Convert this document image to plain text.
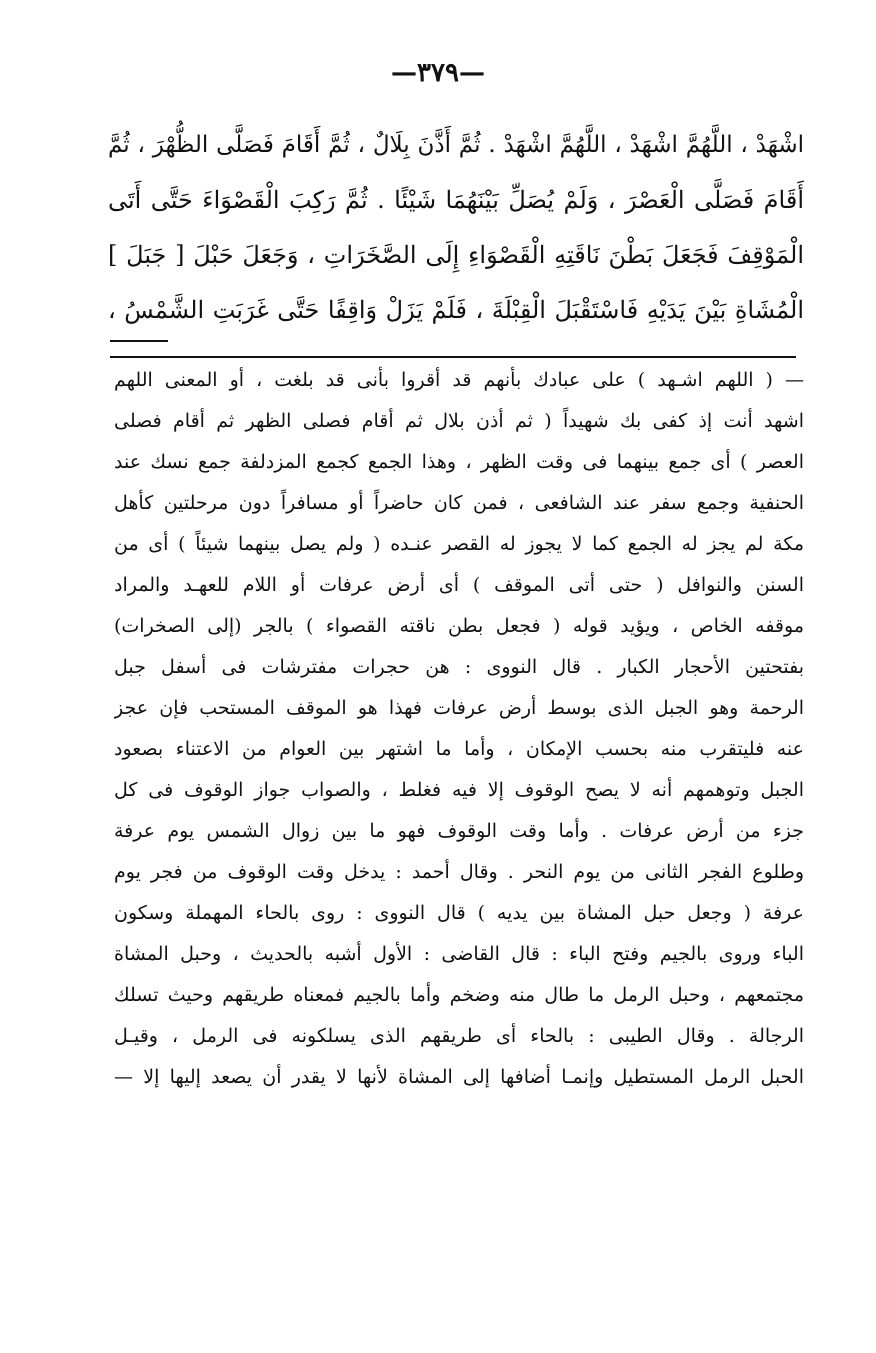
—٣٧٩—
اشْهَدْ ، اللَّهُمَّ اشْهَدْ ، اللَّهُمَّ اشْهَدْ . ثُمَّ أَذَّنَ بِلَالٌ ، ثُمَّ أَقَامَ فَصَلَّى الظُّهْرَ ، ثُمَّ
أَقَامَ فَصَلَّى الْعَصْرَ ، وَلَمْ يُصَلِّ بَيْنَهُمَا شَيْئًا . ثُمَّ رَكِبَ الْقَصْوَاءَ حَتَّى أَتَى
الْمَوْقِفَ فَجَعَلَ بَطْنَ نَاقَتِهِ الْقَصْوَاءِ إِلَى الصَّخَرَاتِ ، وَجَعَلَ حَبْلَ [ جَبَلَ ]
الْمُشَاةِ بَيْنَ يَدَيْهِ فَاسْتَقْبَلَ الْقِبْلَةَ ، فَلَمْ يَزَلْ وَاقِفًا حَتَّى غَرَبَتِ الشَّمْسُ ،
— ( اللهم اشـهد ) على عبادك بأنهم قد أقروا بأنى قد بلغت ، أو المعنى اللهم
اشهد أنت إذ كفى بك شهيداً ( ثم أذن بلال ثم أقام فصلى الظهر ثم أقام فصلى
العصر ) أى جمع بينهما فى وقت الظهر ، وهذا الجمع كجمع المزدلفة جمع نسك عند
الحنفية وجمع سفر عند الشافعى ، فمن كان حاضراً أو مسافراً دون مرحلتين كأهل
مكة لم يجز له الجمع كما لا يجوز له القصر عنـده ( ولم يصل بينهما شيئاً ) أى من
السنن والنوافل ( حتى أتى الموقف ) أى أرض عرفات أو اللام للعهـد والمراد
موقفه الخاص ، ويؤيد قوله ( فجعل بطن ناقته القصواء ) بالجر (إلى الصخرات)
بفتحتين الأحجار الكبار . قال النووى : هن حجرات مفترشات فى أسفل جبل
الرحمة وهو الجبل الذى بوسط أرض عرفات فهذا هو الموقف المستحب فإن عجز
عنه فليتقرب منه بحسب الإمكان ، وأما ما اشتهر بين العوام من الاعتناء بصعود
الجبل وتوهمهم أنه لا يصح الوقوف إلا فيه فغلط ، والصواب جواز الوقوف فى كل
جزء من أرض عرفات . وأما وقت الوقوف فهو ما بين زوال الشمس يوم عرفة
وطلوع الفجر الثانى من يوم النحر . وقال أحمد : يدخل وقت الوقوف من فجر يوم
عرفة ( وجعل حبل المشاة بين يديه ) قال النووى : روى بالحاء المهملة وسكون
الباء وروى بالجيم وفتح الباء : قال القاضى : الأول أشبه بالحديث ، وحبل المشاة
مجتمعهم ، وحبل الرمل ما طال منه وضخم وأما بالجيم فمعناه طريقهم وحيث تسلك
الرجالة . وقال الطيبى : بالحاء أى طريقهم الذى يسلكونه فى الرمل ، وقيـل
الحبل الرمل المستطيل وإنمـا أضافها إلى المشاة لأنها لا يقدر أن يصعد إليها إلا —
